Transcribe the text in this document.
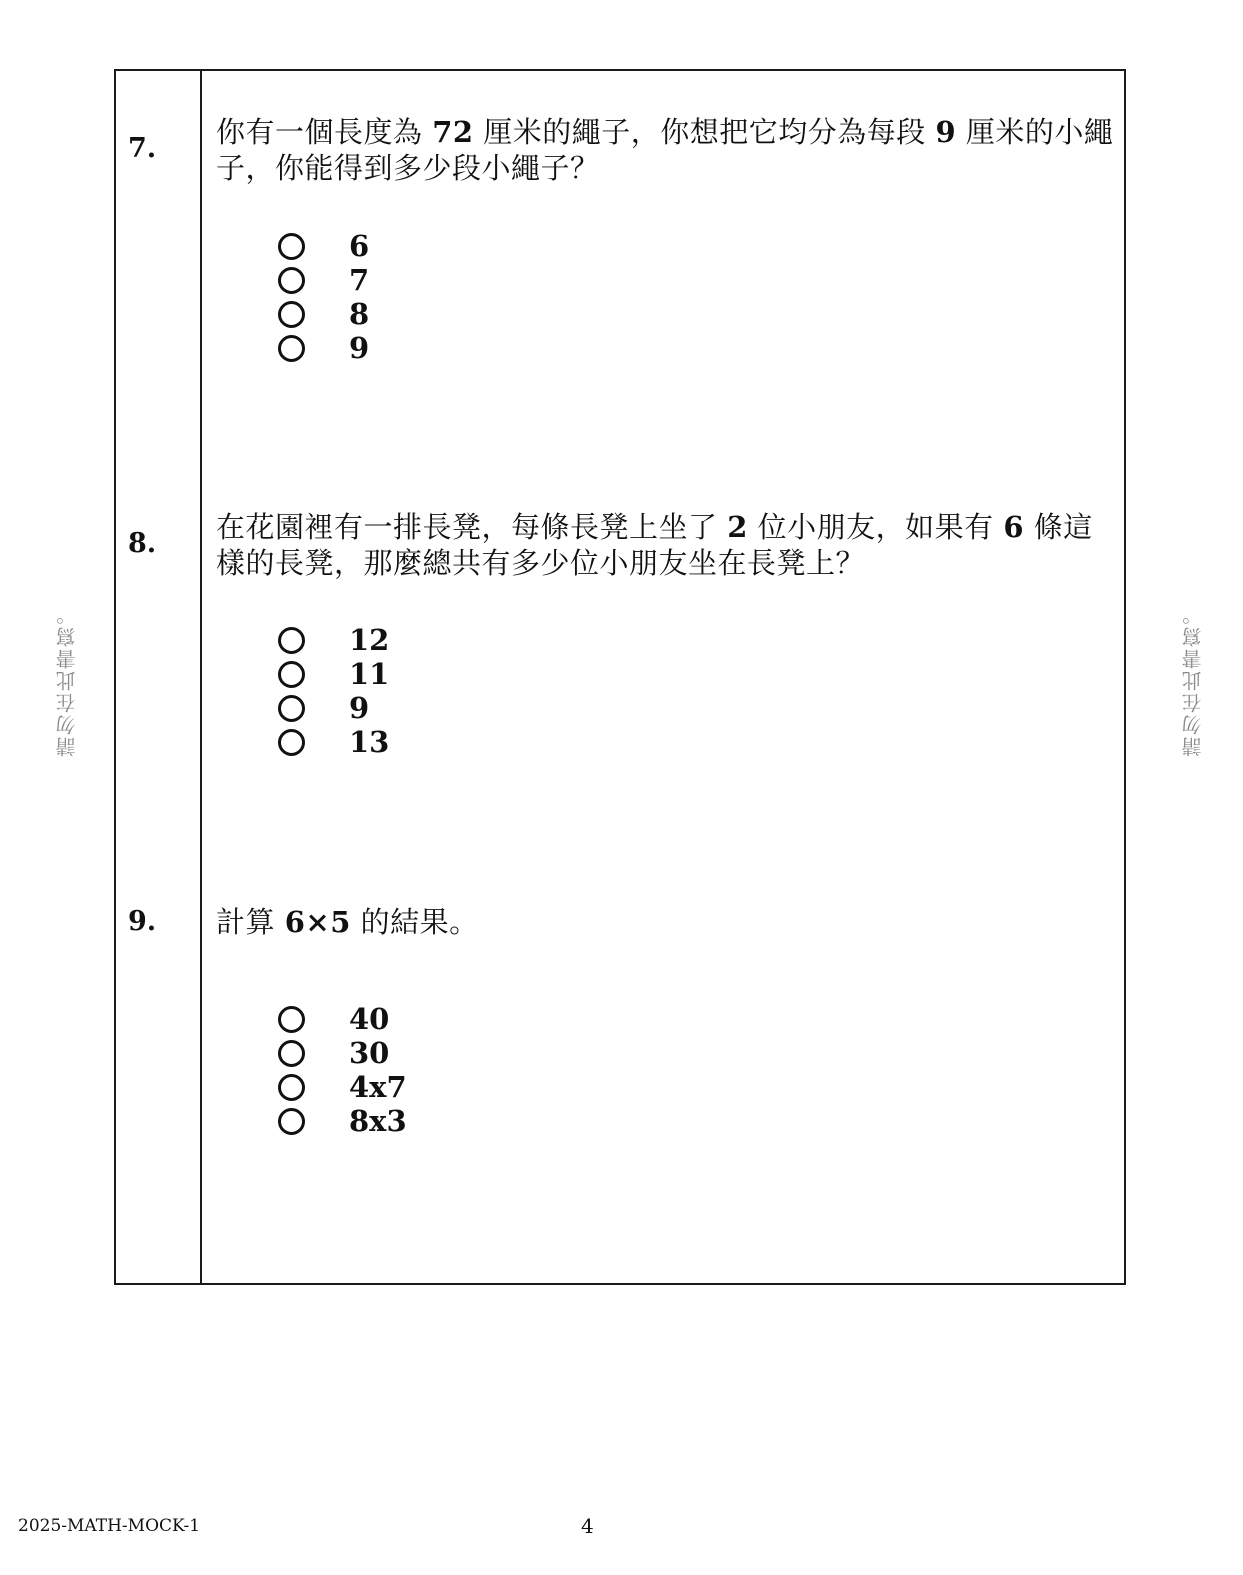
請勿在此書寫。	請勿在此書寫。
7. 你有一個長度為 72 厘米的繩子，你想把它均分為每段 9 厘米的小繩子，你能得到多少段小繩子？
6
7
8
9
8. 在花園裡有一排長凳，每條長凳上坐了 2 位小朋友，如果有 6 條這樣的長凳，那麼總共有多少位小朋友坐在長凳上？
12
11
9
13
9. 計算 6×5 的結果。
40
30
4x7
8x3
2025-MATH-MOCK-1	4
